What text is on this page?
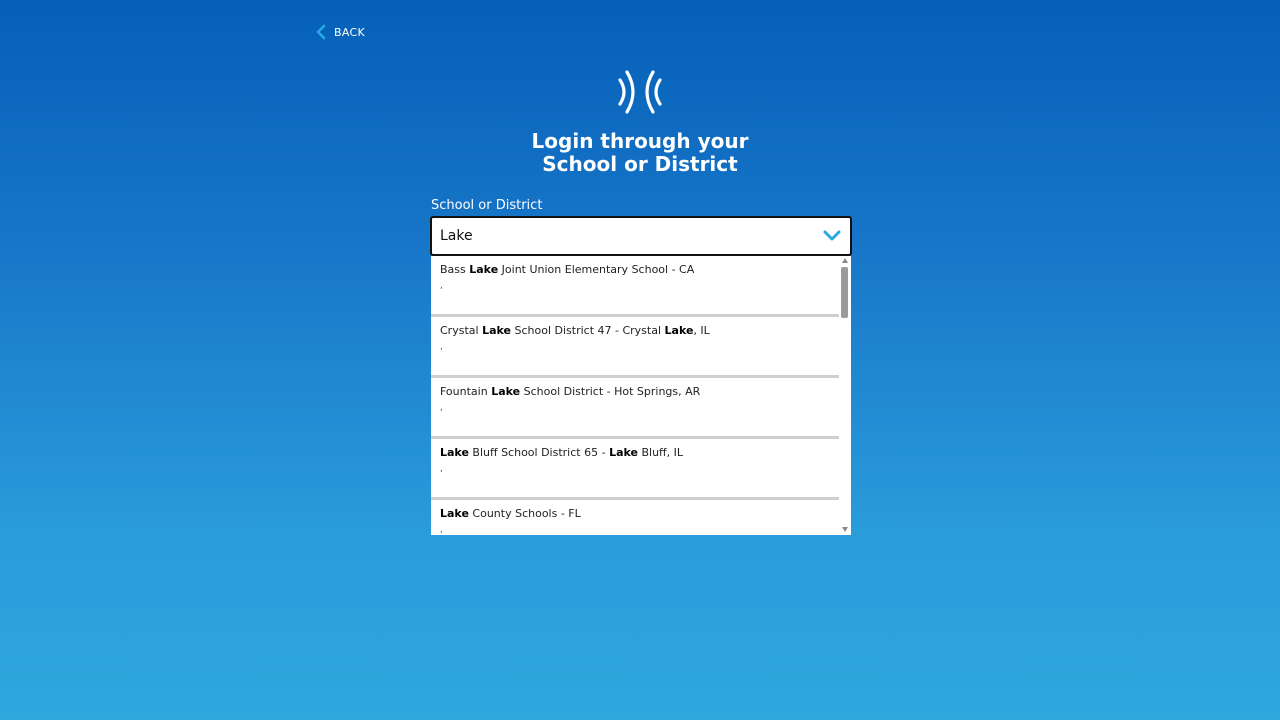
BACK
Login through your
School or District
School or District
Lake
Bass Lake Joint Union Elementary School - CA
,
Crystal Lake School District 47 - Crystal Lake, IL
,
Fountain Lake School District - Hot Springs, AR
,
Lake Bluff School District 65 - Lake Bluff, IL
,
Lake County Schools - FL
,
